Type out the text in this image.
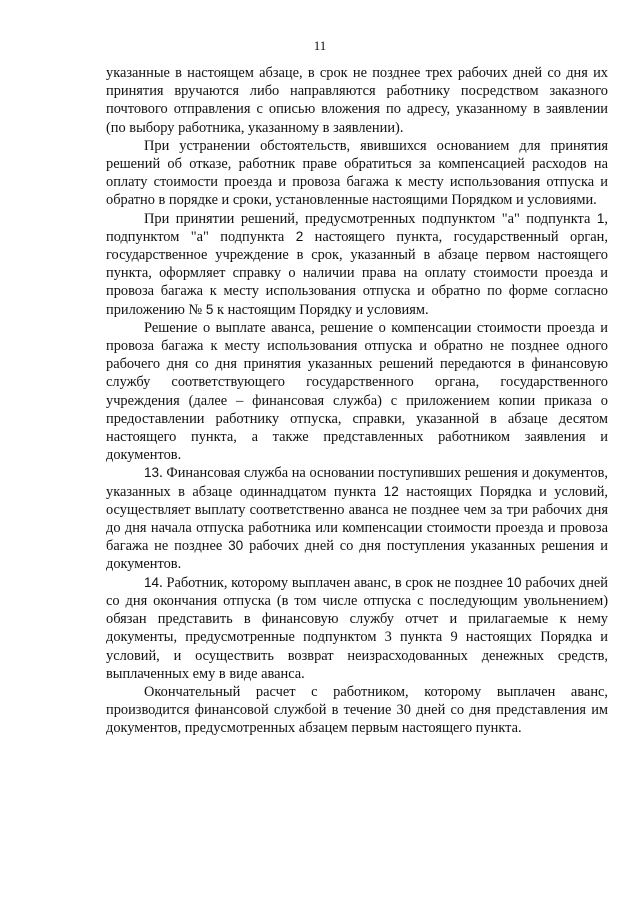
11

указанные в настоящем абзаце, в срок не позднее трех рабочих дней со дня их принятия вручаются либо направляются работнику посредством заказного почтового отправления с описью вложения по адресу, указанному в заявлении (по выбору работника, указанному в заявлении).

При устранении обстоятельств, явившихся основанием для принятия решений об отказе, работник праве обратиться за компенсацией расходов на оплату стоимости проезда и провоза багажа к месту использования отпуска и обратно в порядке и сроки, установленные настоящими Порядком и условиями.

При принятии решений, предусмотренных подпунктом "а" подпункта 1, подпунктом "а" подпункта 2 настоящего пункта, государственный орган, государственное учреждение в срок, указанный в абзаце первом настоящего пункта, оформляет справку о наличии права на оплату стоимости проезда и провоза багажа к месту использования отпуска и обратно по форме согласно приложению № 5 к настоящим Порядку и условиям.

Решение о выплате аванса, решение о компенсации стоимости проезда и провоза багажа к месту использования отпуска и обратно не позднее одного рабочего дня со дня принятия указанных решений передаются в финансовую службу соответствующего государственного органа, государственного учреждения (далее – финансовая служба) с приложением копии приказа о предоставлении работнику отпуска, справки, указанной в абзаце десятом настоящего пункта, а также представленных работником заявления и документов.

13. Финансовая служба на основании поступивших решения и документов, указанных в абзаце одиннадцатом пункта 12 настоящих Порядка и условий, осуществляет выплату соответственно аванса не позднее чем за три рабочих дня до дня начала отпуска работника или компенсации стоимости проезда и провоза багажа не позднее 30 рабочих дней со дня поступления указанных решения и документов.

14. Работник, которому выплачен аванс, в срок не позднее 10 рабочих дней со дня окончания отпуска (в том числе отпуска с последующим увольнением) обязан представить в финансовую службу отчет и прилагаемые к нему документы, предусмотренные подпунктом 3 пункта 9 настоящих Порядка и условий, и осуществить возврат неизрасходованных денежных средств, выплаченных ему в виде аванса.

Окончательный расчет с работником, которому выплачен аванс, производится финансовой службой в течение 30 дней со дня представления им документов, предусмотренных абзацем первым настоящего пункта.
